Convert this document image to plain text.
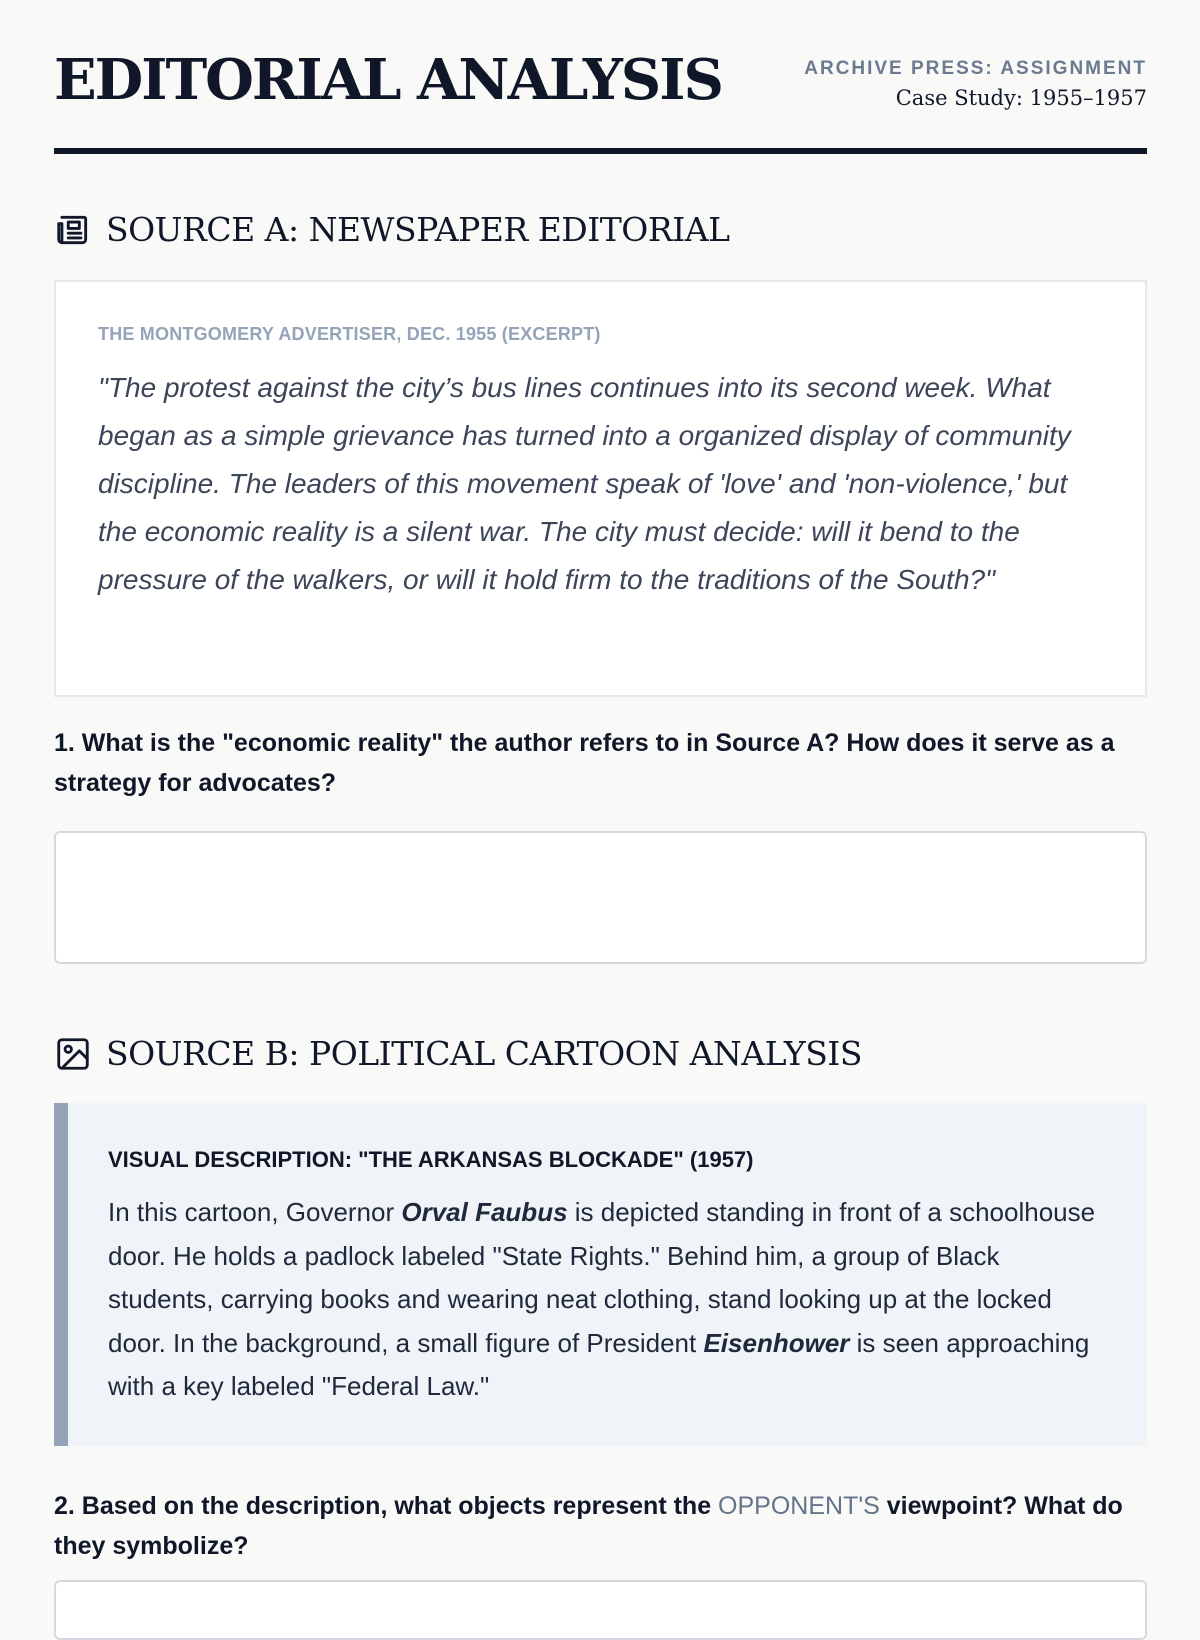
EDITORIAL ANALYSIS	ARCHIVE PRESS: ASSIGNMENT
Case Study: 1955–1957
SOURCE A: NEWSPAPER EDITORIAL
THE MONTGOMERY ADVERTISER, DEC. 1955 (EXCERPT)
"The protest against the city’s bus lines continues into its second week. What began as a simple grievance has turned into a organized display of community discipline. The leaders of this movement speak of 'love' and 'non-violence,' but the economic reality is a silent war. The city must decide: will it bend to the pressure of the walkers, or will it hold firm to the traditions of the South?"
1. What is the "economic reality" the author refers to in Source A? How does it serve as a strategy for advocates?
SOURCE B: POLITICAL CARTOON ANALYSIS
VISUAL DESCRIPTION: "THE ARKANSAS BLOCKADE" (1957)
In this cartoon, Governor Orval Faubus is depicted standing in front of a schoolhouse door. He holds a padlock labeled "State Rights." Behind him, a group of Black students, carrying books and wearing neat clothing, stand looking up at the locked door. In the background, a small figure of President Eisenhower is seen approaching with a key labeled "Federal Law."
2. Based on the description, what objects represent the OPPONENT'S viewpoint? What do they symbolize?
